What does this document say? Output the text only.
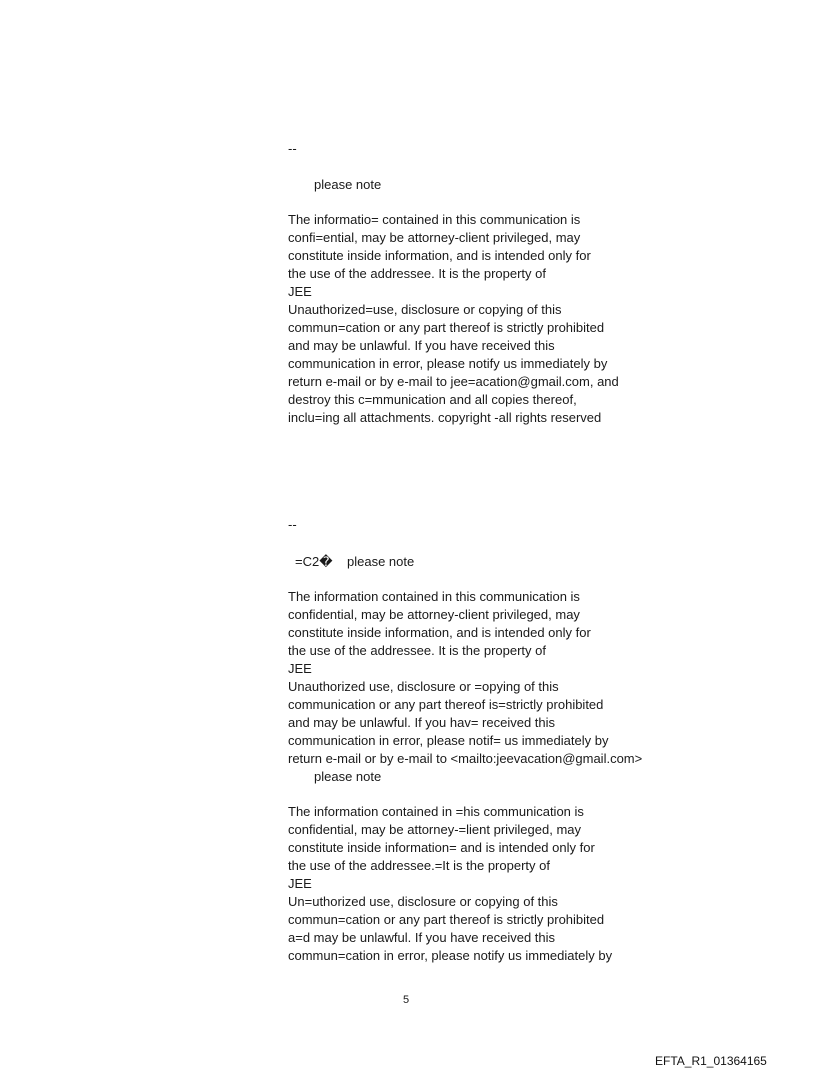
--
please note
The informatio= contained in this communication is
confi=ential, may be attorney-client privileged, may
constitute inside information, and is intended only for
the use of the addressee. It is the property of
JEE
Unauthorized=use, disclosure or copying of this
commun=cation or any part thereof is strictly prohibited
and may be unlawful. If you have received this
communication in error, please notify us immediately by
return e-mail or by e-mail to jee=acation@gmail.com, and
destroy this c=mmunication and all copies thereof,
inclu=ing all attachments. copyright -all rights reserved
--
=C2�    please note
The information contained in this communication is
confidential, may be attorney-client privileged, may
constitute inside information, and is intended only for
the use of the addressee. It is the property of
JEE
Unauthorized use, disclosure or =opying of this
communication or any part thereof is=strictly prohibited
and may be unlawful. If you hav= received this
communication in error, please notif= us immediately by
return e-mail or by e-mail to <mailto:jeevacation@gmail.com>
please note
The information contained in =his communication is
confidential, may be attorney-=lient privileged, may
constitute inside information= and is intended only for
the use of the addressee.=It is the property of
JEE
Un=uthorized use, disclosure or copying of this
commun=cation or any part thereof is strictly prohibited
a=d may be unlawful. If you have received this
commun=cation in error, please notify us immediately by
5
EFTA_R1_01364165
